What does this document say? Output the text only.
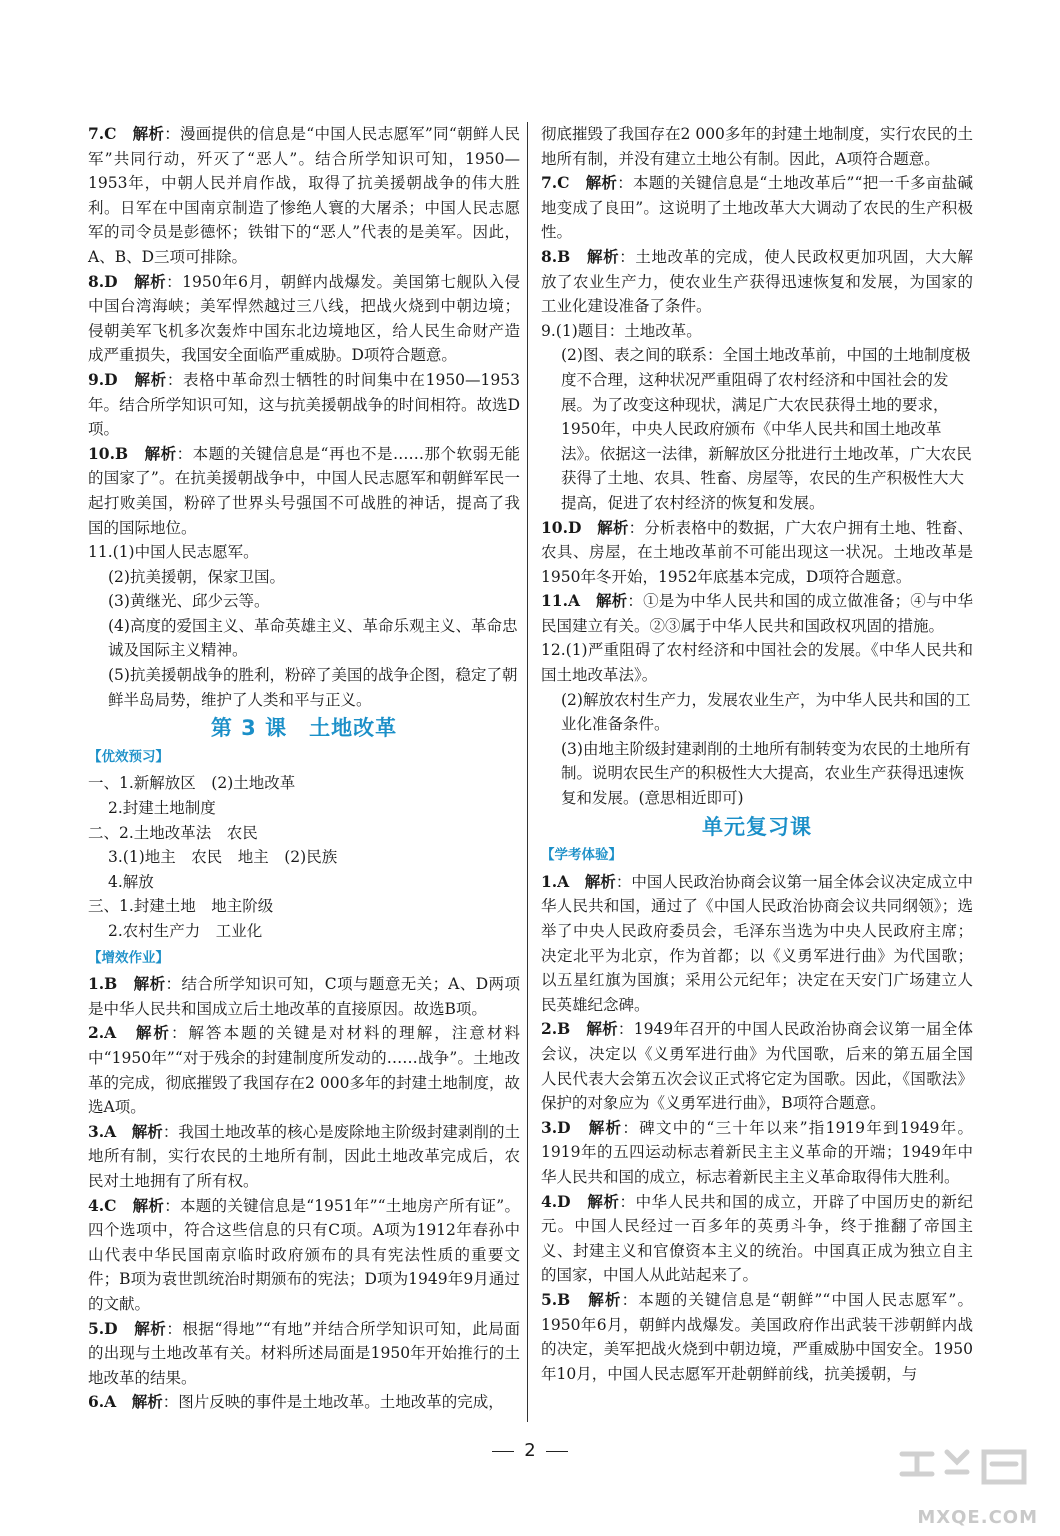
7.C　 解析：漫画提供的信息是“中国人民志愿军”同“朝鲜人民军”共同行动，歼灭了“恶人”。结合所学知识可知，1950—1953年，中朝人民并肩作战，取得了抗美援朝战争的伟大胜利。日军在中国南京制造了惨绝人寰的大屠杀；中国人民志愿军的司令员是彭德怀；铁钳下的“恶人”代表的是美军。因此，A、B、D三项可排除。

8.D　 解析：1950年6月，朝鲜内战爆发。美国第七舰队入侵中国台湾海峡；美军悍然越过三八线，把战火烧到中朝边境；侵朝美军飞机多次轰炸中国东北边境地区，给人民生命财产造成严重损失，我国安全面临严重威胁。D项符合题意。

9.D　 解析：表格中革命烈士牺牲的时间集中在1950—1953年。结合所学知识可知，这与抗美援朝战争的时间相符。故选D项。

10.B　 解析：本题的关键信息是“再也不是……那个软弱无能的国家了”。在抗美援朝战争中，中国人民志愿军和朝鲜军民一起打败美国，粉碎了世界头号强国不可战胜的神话，提高了我国的国际地位。

11.(1)中国人民志愿军。

(2)抗美援朝，保家卫国。

(3)黄继光、邱少云等。

(4)高度的爱国主义、革命英雄主义、革命乐观主义、革命忠诚及国际主义精神。

(5)抗美援朝战争的胜利，粉碎了美国的战争企图，稳定了朝鲜半岛局势，维护了人类和平与正义。

第 3 课　土地改革
【优效预习】

一、1.新解放区　(2)土地改革

2.封建土地制度

二、2.土地改革法　农民

3.(1)地主　农民　地主　(2)民族

4.解放

三、1.封建土地　地主阶级

2.农村生产力　工业化

【增效作业】

1.B　 解析：结合所学知识可知，C项与题意无关；A、D两项是中华人民共和国成立后土地改革的直接原因。故选B项。

2.A　 解析：解答本题的关键是对材料的理解，注意材料中“1950年”“对于残余的封建制度所发动的……战争”。土地改革的完成，彻底摧毁了我国存在2 000多年的封建土地制度，故选A项。

3.A　 解析：我国土地改革的核心是废除地主阶级封建剥削的土地所有制，实行农民的土地所有制，因此土地改革完成后，农民对土地拥有了所有权。

4.C　 解析：本题的关键信息是“1951年”“土地房产所有证”。四个选项中，符合这些信息的只有C项。A项为1912年春孙中山代表中华民国南京临时政府颁布的具有宪法性质的重要文件；B项为袁世凯统治时期颁布的宪法；D项为1949年9月通过的文献。

5.D　 解析：根据“得地”“有地”并结合所学知识可知，此局面的出现与土地改革有关。材料所述局面是1950年开始推行的土地改革的结果。

6.A　 解析：图片反映的事件是土地改革。土地改革的完成，

彻底摧毁了我国存在2 000多年的封建土地制度，实行农民的土地所有制，并没有建立土地公有制。因此，A项符合题意。

7.C　 解析：本题的关键信息是“土地改革后”“把一千多亩盐碱地变成了良田”。这说明了土地改革大大调动了农民的生产积极性。

8.B　 解析：土地改革的完成，使人民政权更加巩固，大大解放了农业生产力，使农业生产获得迅速恢复和发展，为国家的工业化建设准备了条件。

9.(1)题目：土地改革。

(2)图、表之间的联系：全国土地改革前，中国的土地制度极度不合理，这种状况严重阻碍了农村经济和中国社会的发展。为了改变这种现状，满足广大农民获得土地的要求，1950年，中央人民政府颁布《中华人民共和国土地改革法》。依据这一法律，新解放区分批进行土地改革，广大农民获得了土地、农具、牲畜、房屋等，农民的生产积极性大大提高，促进了农村经济的恢复和发展。

10.D　 解析：分析表格中的数据，广大农户拥有土地、牲畜、农具、房屋，在土地改革前不可能出现这一状况。土地改革是1950年冬开始，1952年底基本完成，D项符合题意。

11.A　 解析：①是为中华人民共和国的成立做准备；④与中华民国建立有关。②③属于中华人民共和国政权巩固的措施。

12.(1)严重阻碍了农村经济和中国社会的发展。《中华人民共和国土地改革法》。

(2)解放农村生产力，发展农业生产，为中华人民共和国的工业化准备条件。

(3)由地主阶级封建剥削的土地所有制转变为农民的土地所有制。说明农民生产的积极性大大提高，农业生产获得迅速恢复和发展。(意思相近即可)

单元复习课
【学考体验】

1.A　 解析：中国人民政治协商会议第一届全体会议决定成立中华人民共和国，通过了《中国人民政治协商会议共同纲领》；选举了中央人民政府委员会，毛泽东当选为中央人民政府主席；决定北平为北京，作为首都；以《义勇军进行曲》为代国歌；以五星红旗为国旗；采用公元纪年；决定在天安门广场建立人民英雄纪念碑。

2.B　 解析：1949年召开的中国人民政治协商会议第一届全体会议，决定以《义勇军进行曲》为代国歌，后来的第五届全国人民代表大会第五次会议正式将它定为国歌。因此，《国歌法》保护的对象应为《义勇军进行曲》，B项符合题意。

3.D　 解析：碑文中的“三十年以来”指1919年到1949年。1919年的五四运动标志着新民主主义革命的开端；1949年中华人民共和国的成立，标志着新民主主义革命取得伟大胜利。

4.D　 解析：中华人民共和国的成立，开辟了中国历史的新纪元。中国人民经过一百多年的英勇斗争，终于推翻了帝国主义、封建主义和官僚资本主义的统治。中国真正成为独立自主的国家，中国人从此站起来了。

5.B　 解析：本题的关键信息是“朝鲜”“中国人民志愿军”。1950年6月，朝鲜内战爆发。美国政府作出武装干涉朝鲜内战的决定，美军把战火烧到中朝边境，严重威胁中国安全。1950年10月，中国人民志愿军开赴朝鲜前线，抗美援朝，与

2
MXQE.COM
